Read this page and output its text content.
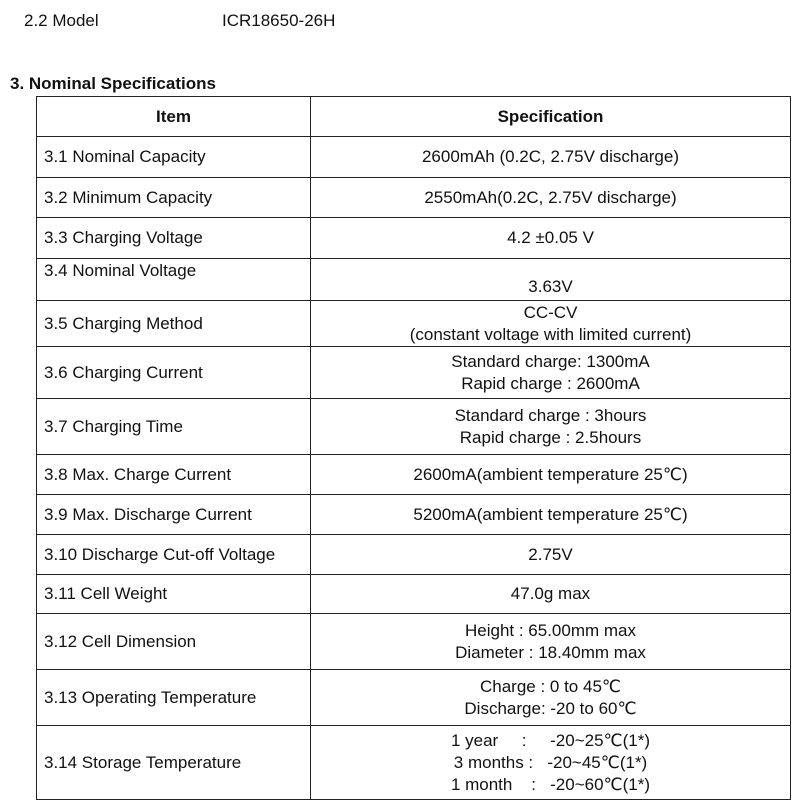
2.2 Model	ICR18650-26H
3. Nominal Specifications
Item	Specification
3.1 Nominal Capacity	2600mAh (0.2C, 2.75V discharge)

3.2 Minimum Capacity	2550mAh(0.2C, 2.75V discharge)

3.3 Charging Voltage	4.2 ±0.05 V

3.4 Nominal Voltage	3.63V

3.5 Charging Method	CC-CV
(constant voltage with limited current)

3.6 Charging Current	Standard charge: 1300mA
Rapid charge : 2600mA

3.7 Charging Time	Standard charge : 3hours
Rapid charge : 2.5hours

3.8 Max. Charge Current	2600mA(ambient temperature 25℃)

3.9 Max. Discharge Current	5200mA(ambient temperature 25℃)

3.10 Discharge Cut-off Voltage	2.75V

3.11 Cell Weight	47.0g max

3.12 Cell Dimension	Height : 65.00mm max
Diameter : 18.40mm max

3.13 Operating Temperature	Charge : 0 to 45℃
Discharge: -20 to 60℃

3.14 Storage Temperature	1 year     :     -20~25℃(1*)
3 months :   -20~45℃(1*)
1 month    :   -20~60℃(1*)
